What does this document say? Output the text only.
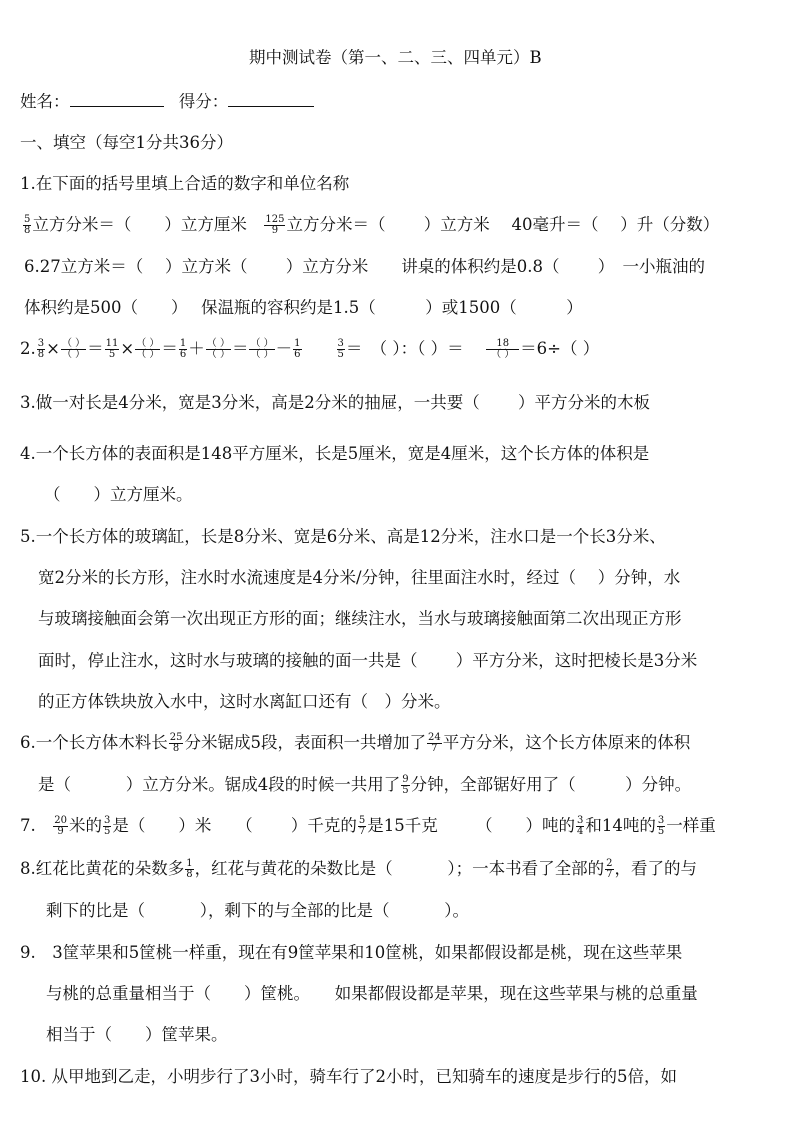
期中测试卷（第一、二、三、四单元）B
姓名：	得分：
一、填空（每空1分共36分）
1.在下面的括号里填上合适的数字和单位名称
$\frac{5}{8}$ 立方分米＝（　　）立方厘米　 $\frac{125}{9}$ 立方分米＝（　　 ）立方米　 40毫升＝（　 ）升（分数）
6.27立方米＝（　 ）立方米（　　 ）立方分米　　讲桌的体积约是0.8（　　 ）　一小瓶油的
体积约是500（　　）　 保温瓶的容积约是1.5（　　　）或1500（　　　）
2. $\frac{3}{8} \times \frac{( )}{( )} = \frac{11}{5} \times \frac{( )}{( )} = \frac{1}{6} + \frac{( )}{( )} = \frac{( )}{( )} - \frac{1}{6}$
　　	$\frac{3}{5}$ ＝　（ ）：（ ）＝　 $\frac{18}{( )} =6\div$（ ）
3.做一对长是4分米，宽是3分米，高是2分米的抽屉，一共要（　　 ）平方分米的木板
4.一个长方体的表面积是148平方厘米，长是5厘米，宽是4厘米，这个长方体的体积是
（　　）立方厘米。
5.一个长方体的玻璃缸，长是8分米、宽是6分米、高是12分米，注水口是一个长3分米、
宽2分米的长方形，注水时水流速度是4分米/分钟，往里面注水时，经过（　 ）分钟，水
与玻璃接触面会第一次出现正方形的面；继续注水，当水与玻璃接触面第二次出现正方形
面时，停止注水，这时水与玻璃的接触的面一共是（　　 ）平方分米，这时把棱长是3分米
的正方体铁块放入水中，这时水离缸口还有（　）分米。
6.一个长方体木料长 $\frac{25}{8}$ 分米锯成5段，表面积一共增加了 $\frac{24}{7}$ 平方分米，这个长方体原来的体积
是（　　　 ）立方分米。锯成4段的时候一共用了 $\frac{9}{5}$ 分钟，全部锯好用了（　　　）分钟。
7.　 $\frac{20}{9}$ 米的 $\frac{3}{5}$ 是（　　）米　　（　　 ）千克的 $\frac{5}{7}$ 是15千克　　 （　　）吨的 $\frac{3}{4}$ 和14吨的 $\frac{3}{5}$ 一样重
8.红花比黄花的朵数多 $\frac{1}{8}$ ，红花与黄花的朵数比是（　　　 ）；一本书看了全部的 $\frac{2}{7}$ ，看了的与
剩下的比是（　　　 ），剩下的与全部的比是（　　　 ）。
9.　3筐苹果和5筐桃一样重，现在有9筐苹果和10筐桃，如果都假设都是桃，现在这些苹果
与桃的总重量相当于（　　）筐桃。　　如果都假设都是苹果，现在这些苹果与桃的总重量
相当于（　　）筐苹果。
10. 从甲地到乙走，小明步行了3小时，骑车行了2小时，已知骑车的速度是步行的5倍，如
